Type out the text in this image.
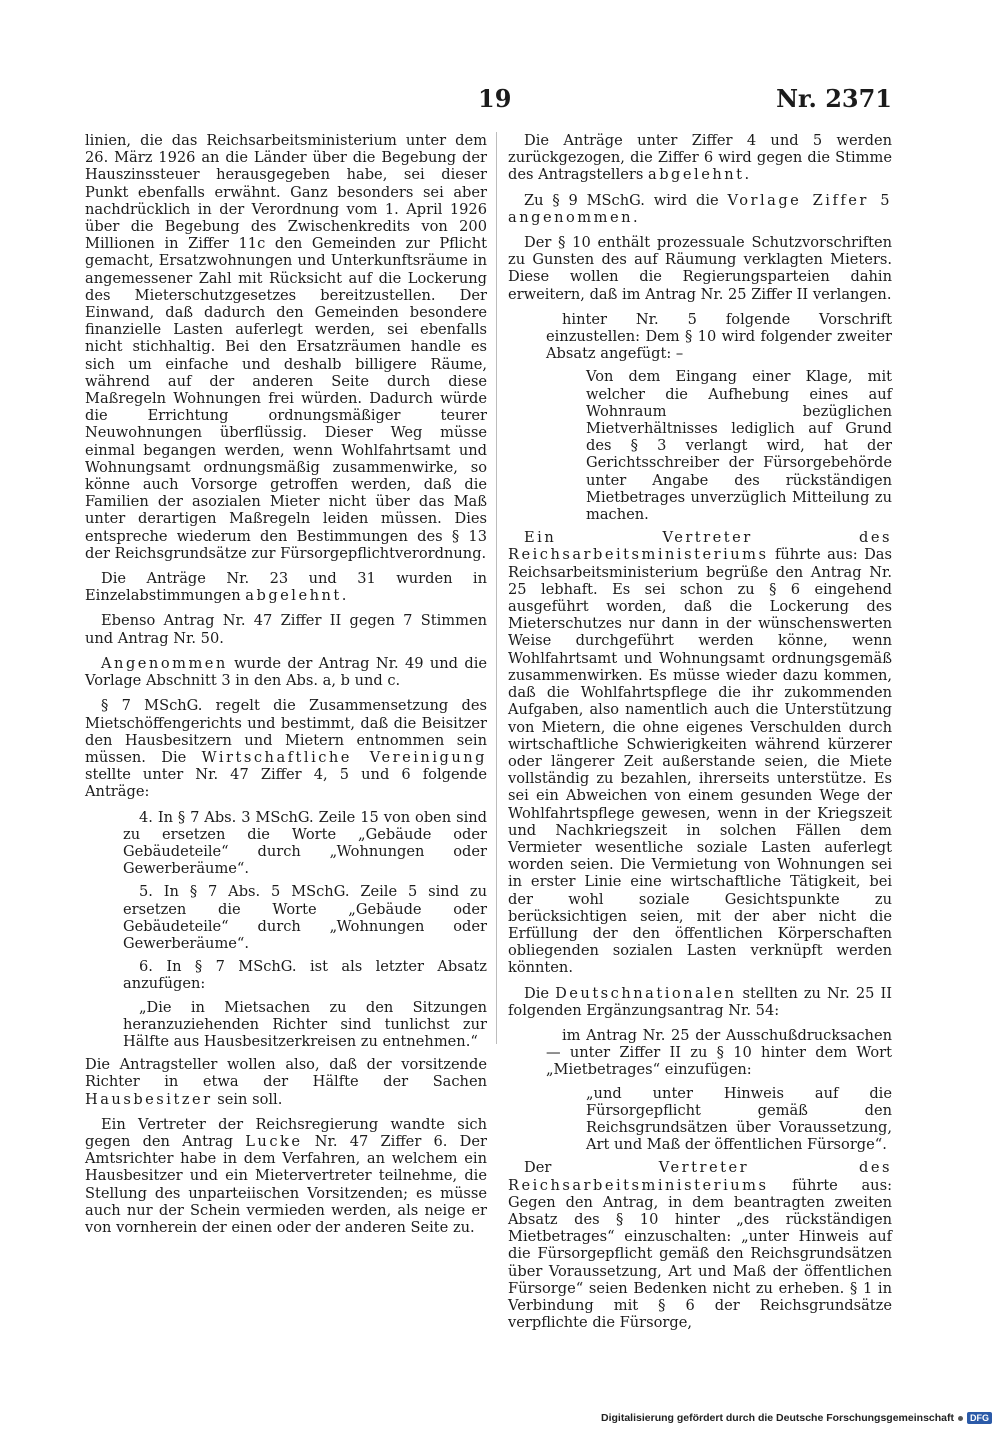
19	Nr. 2371

linien, die das Reichsarbeitsministerium unter dem 26. März 1926 an die Länder über die Begebung der Hauszinssteuer herausgegeben habe, sei dieser Punkt ebenfalls erwähnt. Ganz besonders sei aber nachdrücklich in der Verordnung vom 1. April 1926 über die Begebung des Zwischenkredits von 200 Millionen in Ziffer 11c den Gemeinden zur Pflicht gemacht, Ersatzwohnungen und Unterkunftsräume in angemessener Zahl mit Rücksicht auf die Lockerung des Mieterschutzgesetzes bereitzustellen. Der Einwand, daß dadurch den Gemeinden besondere finanzielle Lasten auferlegt werden, sei ebenfalls nicht stichhaltig. Bei den Ersatzräumen handle es sich um einfache und deshalb billigere Räume, während auf der anderen Seite durch diese Maßregeln Wohnungen frei würden. Dadurch würde die Errichtung ordnungsmäßiger teurer Neuwohnungen überflüssig. Dieser Weg müsse einmal begangen werden, wenn Wohlfahrtsamt und Wohnungsamt ordnungsmäßig zusammenwirke, so könne auch Vorsorge getroffen werden, daß die Familien der asozialen Mieter nicht über das Maß unter derartigen Maßregeln leiden müssen. Dies entspreche wiederum den Bestimmungen des § 13 der Reichsgrundsätze zur Fürsorgepflichtverordnung.

Die Anträge Nr. 23 und 31 wurden in Einzelabstimmungen abgelehnt.

Ebenso Antrag Nr. 47 Ziffer II gegen 7 Stimmen und Antrag Nr. 50.

Angenommen wurde der Antrag Nr. 49 und die Vorlage Abschnitt 3 in den Abs. a, b und c.

§ 7 MSchG. regelt die Zusammensetzung des Mietschöffengerichts und bestimmt, daß die Beisitzer den Hausbesitzern und Mietern entnommen sein müssen. Die Wirtschaftliche Vereinigung stellte unter Nr. 47 Ziffer 4, 5 und 6 folgende Anträge:

4. In § 7 Abs. 3 MSchG. Zeile 15 von oben sind zu ersetzen die Worte „Gebäude oder Gebäudeteile“ durch „Wohnungen oder Gewerberäume“.

5. In § 7 Abs. 5 MSchG. Zeile 5 sind zu ersetzen die Worte „Gebäude oder Gebäudeteile“ durch „Wohnungen oder Gewerberäume“.

6. In § 7 MSchG. ist als letzter Absatz anzufügen:

„Die in Mietsachen zu den Sitzungen heranzuziehenden Richter sind tunlichst zur Hälfte aus Hausbesitzerkreisen zu entnehmen.“

Die Antragsteller wollen also, daß der vorsitzende Richter in etwa der Hälfte der Sachen Hausbesitzer sein soll.

Ein Vertreter der Reichsregierung wandte sich gegen den Antrag Lucke Nr. 47 Ziffer 6. Der Amtsrichter habe in dem Verfahren, an welchem ein Hausbesitzer und ein Mietervertreter teilnehme, die Stellung des unparteiischen Vorsitzenden; es müsse auch nur der Schein vermieden werden, als neige er von vornherein der einen oder der anderen Seite zu.

Die Anträge unter Ziffer 4 und 5 werden zurückgezogen, die Ziffer 6 wird gegen die Stimme des Antragstellers abgelehnt.

Zu § 9 MSchG. wird die Vorlage Ziffer 5 angenommen.

Der § 10 enthält prozessuale Schutzvorschriften zu Gunsten des auf Räumung verklagten Mieters. Diese wollen die Regierungsparteien dahin erweitern, daß im Antrag Nr. 25 Ziffer II verlangen.

hinter Nr. 5 folgende Vorschrift einzustellen: Dem § 10 wird folgender zweiter Absatz angefügt: –

Von dem Eingang einer Klage, mit welcher die Aufhebung eines auf Wohnraum bezüglichen Mietverhältnisses lediglich auf Grund des § 3 verlangt wird, hat der Gerichtsschreiber der Fürsorgebehörde unter Angabe des rückständigen Mietbetrages unverzüglich Mitteilung zu machen.

Ein Vertreter des Reichsarbeitsministeriums führte aus: Das Reichsarbeitsministerium begrüße den Antrag Nr. 25 lebhaft. Es sei schon zu § 6 eingehend ausgeführt worden, daß die Lockerung des Mieterschutzes nur dann in der wünschenswerten Weise durchgeführt werden könne, wenn Wohlfahrtsamt und Wohnungsamt ordnungsgemäß zusammenwirken. Es müsse wieder dazu kommen, daß die Wohlfahrtspflege die ihr zukommenden Aufgaben, also namentlich auch die Unterstützung von Mietern, die ohne eigenes Verschulden durch wirtschaftliche Schwierigkeiten während kürzerer oder längerer Zeit außerstande seien, die Miete vollständig zu bezahlen, ihrerseits unterstütze. Es sei ein Abweichen von einem gesunden Wege der Wohlfahrtspflege gewesen, wenn in der Kriegszeit und Nachkriegszeit in solchen Fällen dem Vermieter wesentliche soziale Lasten auferlegt worden seien. Die Vermietung von Wohnungen sei in erster Linie eine wirtschaftliche Tätigkeit, bei der wohl soziale Gesichtspunkte zu berücksichtigen seien, mit der aber nicht die Erfüllung der den öffentlichen Körperschaften obliegenden sozialen Lasten verknüpft werden könnten.

Die Deutschnationalen stellten zu Nr. 25 II folgenden Ergänzungsantrag Nr. 54:

im Antrag Nr. 25 der Ausschußdrucksachen — unter Ziffer II zu § 10 hinter dem Wort „Mietbetrages“ einzufügen:

„und unter Hinweis auf die Fürsorgepflicht gemäß den Reichsgrundsätzen über Voraussetzung, Art und Maß der öffentlichen Fürsorge“.

Der Vertreter des Reichsarbeitsministeriums führte aus: Gegen den Antrag, in dem beantragten zweiten Absatz des § 10 hinter „des rückständigen Mietbetrages“ einzuschalten: „unter Hinweis auf die Fürsorgepflicht gemäß den Reichsgrundsätzen über Voraussetzung, Art und Maß der öffentlichen Fürsorge“ seien Bedenken nicht zu erheben. § 1 in Verbindung mit § 6 der Reichsgrundsätze verpflichte die Fürsorge,

Digitalisierung gefördert durch die Deutsche Forschungsgemeinschaft	DFG
